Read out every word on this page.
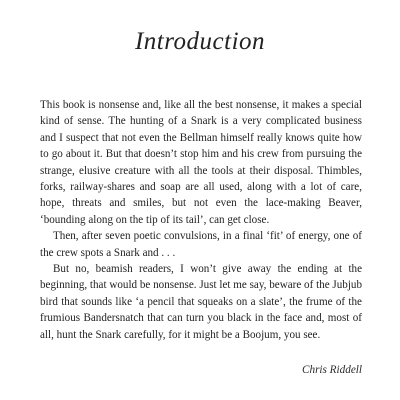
Introduction

This book is nonsense and, like all the best nonsense, it makes a special kind of sense. The hunting of a Snark is a very complicated business and I suspect that not even the Bellman himself really knows quite how to go about it. But that doesn’t stop him and his crew from pursuing the strange, elusive creature with all the tools at their disposal. Thimbles, forks, railway-shares and soap are all used, along with a lot of care, hope, threats and smiles, but not even the lace-making Beaver, ‘bounding along on the tip of its tail’, can get close.

Then, after seven poetic convulsions, in a final ‘fit’ of energy, one of the crew spots a Snark and . . .

But no, beamish readers, I won’t give away the ending at the beginning, that would be nonsense. Just let me say, beware of the Jubjub bird that sounds like ‘a pencil that squeaks on a slate’, the frume of the frumious Bandersnatch that can turn you black in the face and, most of all, hunt the Snark carefully, for it might be a Boojum, you see.

Chris Riddell
